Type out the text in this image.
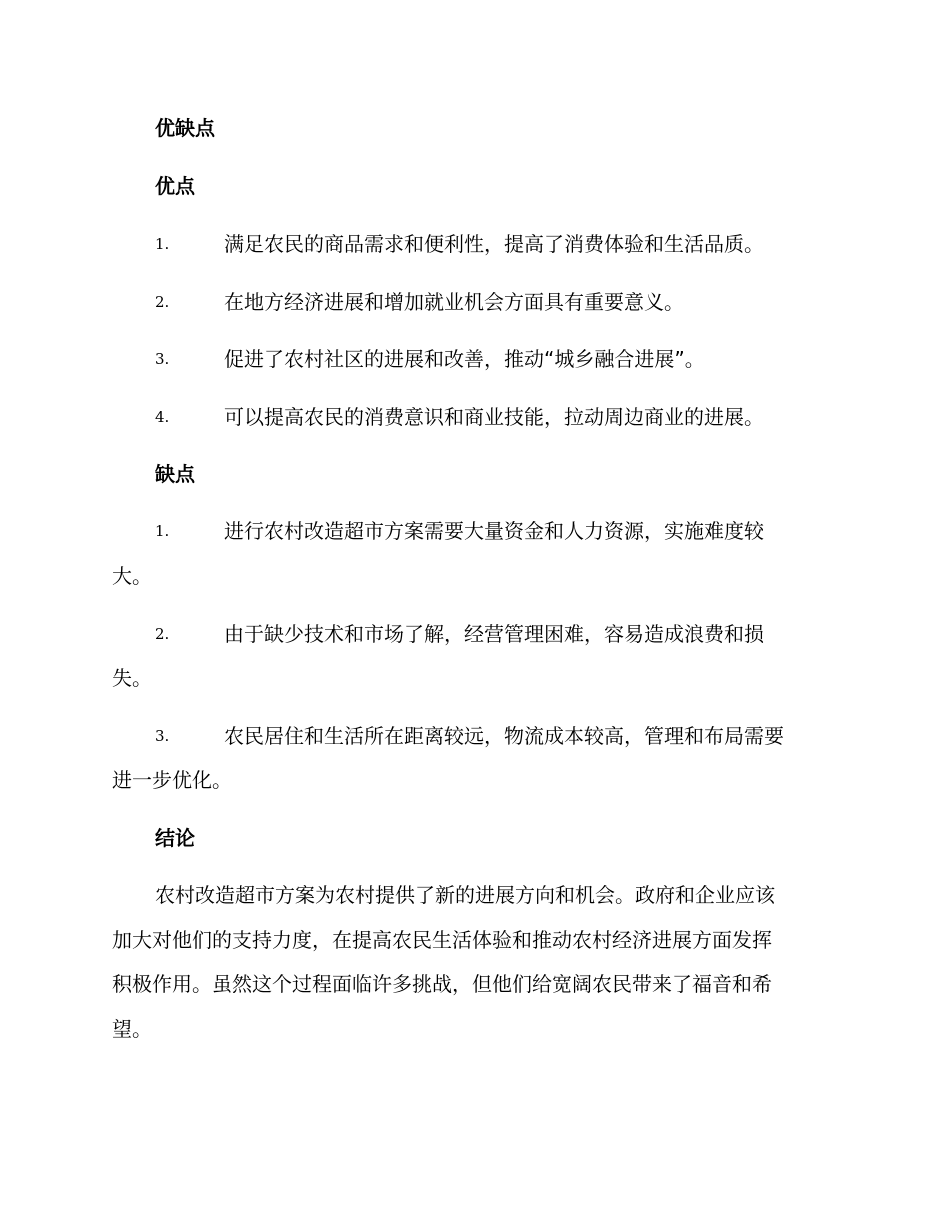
优缺点

优点

1.	满足农民的商品需求和便利性，提高了消费体验和生活品质。

2.	在地方经济进展和增加就业机会方面具有重要意义。

3.	促进了农村社区的进展和改善，推动“城乡融合进展”。

4.	可以提高农民的消费意识和商业技能，拉动周边商业的进展。

缺点

1.	进行农村改造超市方案需要大量资金和人力资源，实施难度较

大。

2.	由于缺少技术和市场了解，经营管理困难，容易造成浪费和损

失。

3.	农民居住和生活所在距离较远，物流成本较高，管理和布局需要

进一步优化。

结论

农村改造超市方案为农村提供了新的进展方向和机会。政府和企业应该

加大对他们的支持力度，在提高农民生活体验和推动农村经济进展方面发挥

积极作用。虽然这个过程面临许多挑战，但他们给宽阔农民带来了福音和希

望。
